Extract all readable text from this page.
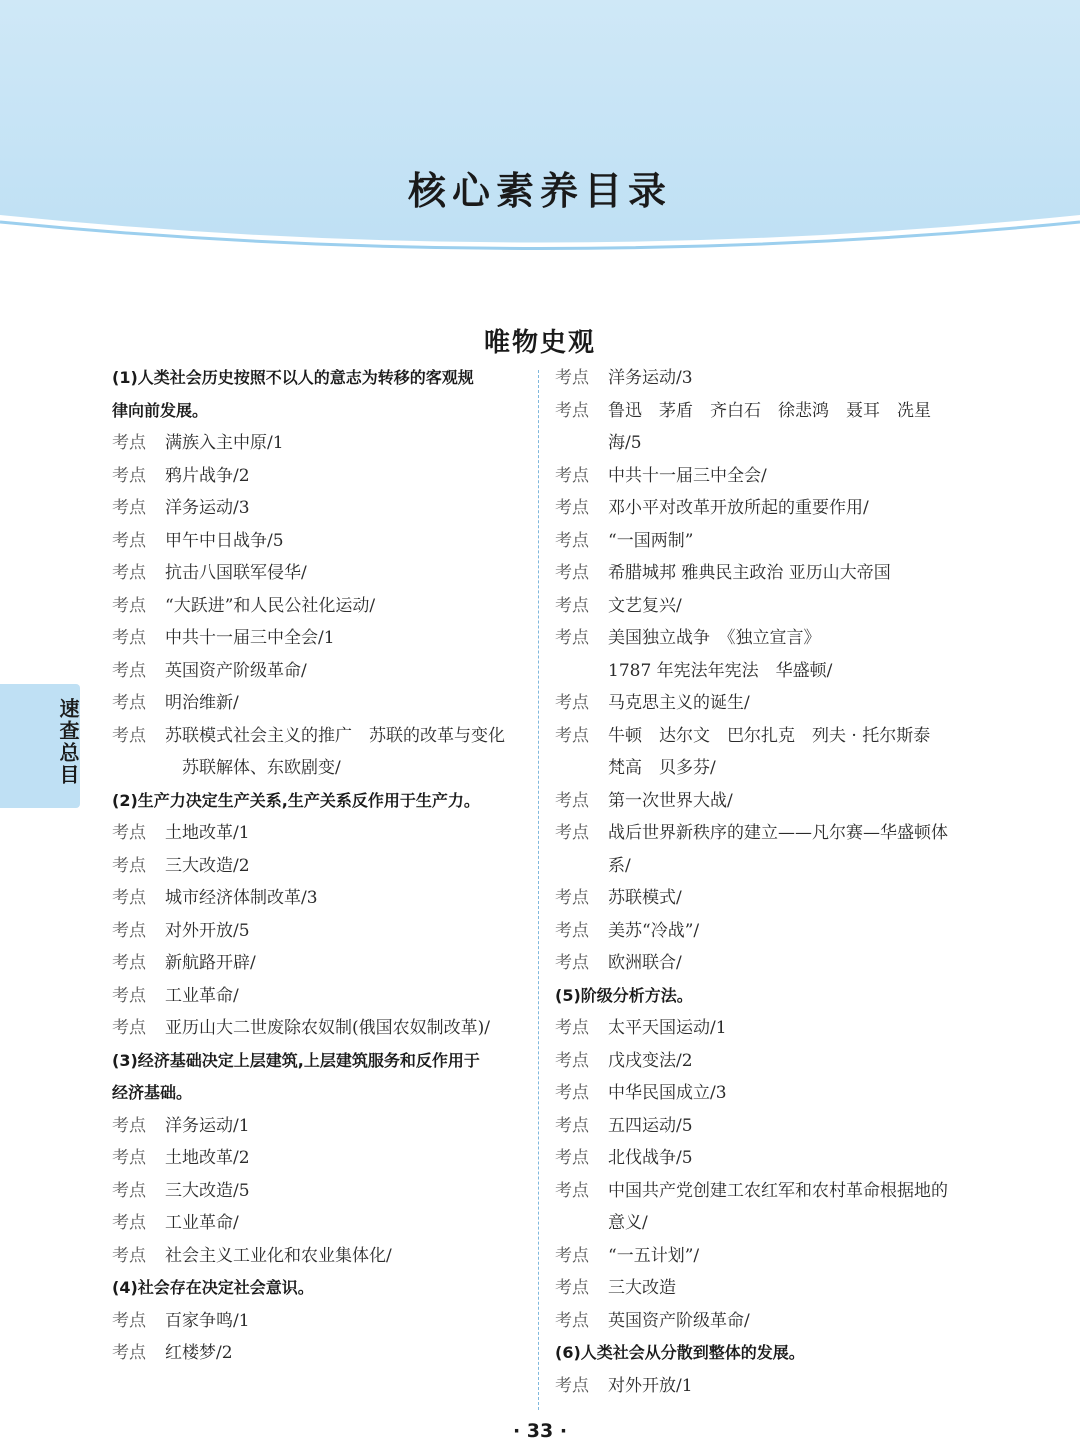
核心素养目录
唯物史观
速查总目
(1)人类社会历史按照不以人的意志为转移的客观规
律向前发展。
考点	满族入主中原/1
考点	鸦片战争/2
考点	洋务运动/3
考点	甲午中日战争/5
考点	抗击八国联军侵华/
考点	“大跃进”和人民公社化运动/
考点	中共十一届三中全会/1
考点	英国资产阶级革命/
考点	明治维新/
考点	苏联模式社会主义的推广　苏联的改革与变化
苏联解体、东欧剧变/
(2)生产力决定生产关系,生产关系反作用于生产力。
考点	土地改革/1
考点	三大改造/2
考点	城市经济体制改革/3
考点	对外开放/5
考点	新航路开辟/
考点	工业革命/
考点	亚历山大二世废除农奴制(俄国农奴制改革)/
(3)经济基础决定上层建筑,上层建筑服务和反作用于
经济基础。
考点	洋务运动/1
考点	土地改革/2
考点	三大改造/5
考点	工业革命/
考点	社会主义工业化和农业集体化/
(4)社会存在决定社会意识。
考点	百家争鸣/1
考点	红楼梦/2
考点	洋务运动/3
考点	鲁迅　茅盾　齐白石　徐悲鸿　聂耳　冼星
海/5
考点	中共十一届三中全会/
考点	邓小平对改革开放所起的重要作用/
考点	“一国两制”
考点	希腊城邦 雅典民主政治 亚历山大帝国
考点	文艺复兴/
考点	美国独立战争　《独立宣言》
1787 年宪法年宪法　华盛顿/
考点	马克思主义的诞生/
考点	牛顿　达尔文　巴尔扎克　列夫 · 托尔斯泰
梵高　贝多芬/
考点	第一次世界大战/
考点	战后世界新秩序的建立——凡尔赛—华盛顿体
系/
考点	苏联模式/
考点	美苏“冷战”/
考点	欧洲联合/
(5)阶级分析方法。
考点	太平天国运动/1
考点	戊戌变法/2
考点	中华民国成立/3
考点	五四运动/5
考点	北伐战争/5
考点	中国共产党创建工农红军和农村革命根据地的
意义/
考点	“一五计划”/
考点	三大改造
考点	英国资产阶级革命/
(6)人类社会从分散到整体的发展。
考点	对外开放/1
· 33 ·
